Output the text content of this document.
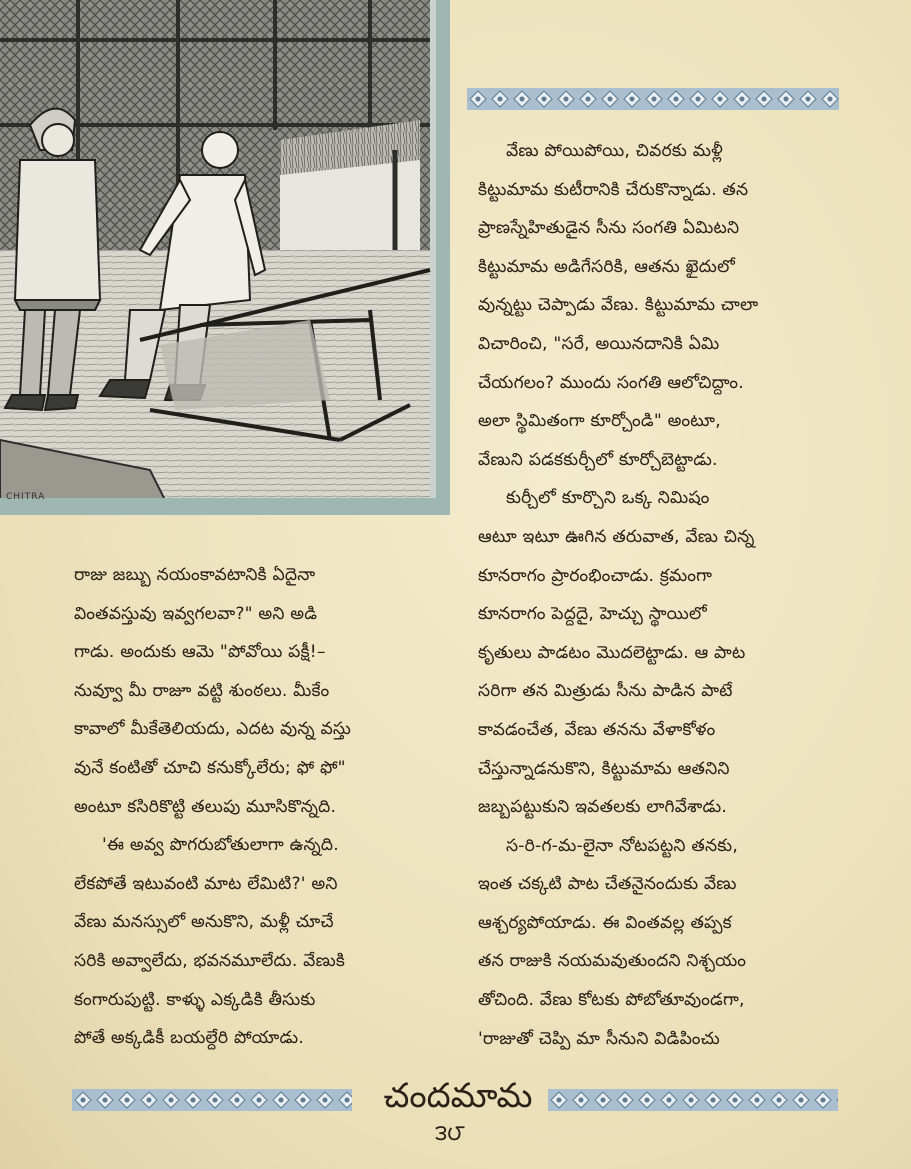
CHITRA

వేణు పోయిపోయి, చివరకు మళ్లీ

కిట్టుమామ కుటీరానికి చేరుకొన్నాడు. తన

ప్రాణస్నేహితుడైన సీను సంగతి ఏమిటని

కిట్టుమామ అడిగేసరికి, ఆతను ఖైదులో

వున్నట్టు చెప్పాడు వేణు. కిట్టుమామ చాలా

విచారించి, "సరే, అయినదానికి ఏమి

చేయగలం? ముందు సంగతి ఆలోచిద్దాం.

అలా స్థిమితంగా కూర్చోండి" అంటూ,

వేణుని పడకకుర్చీలో కూర్చోబెట్టాడు.

కుర్చీలో కూర్చొని ఒక్క నిమిషం

ఆటూ ఇటూ ఊగిన తరువాత, వేణు చిన్న

కూనరాగం ప్రారంభించాడు. క్రమంగా

కూనరాగం పెద్దదై, హెచ్చు స్థాయిలో

కృతులు పాడటం మొదలెట్టాడు. ఆ పాట

సరిగా తన మిత్రుడు సీను పాడిన పాటే

కావడంచేత, వేణు తనను వేళాకోళం

చేస్తున్నాడనుకొని, కిట్టుమామ ఆతనిని

జబ్బపట్టుకుని ఇవతలకు లాగివేశాడు.

స-రి-గ-మ-లైనా నోటపట్టని తనకు,

ఇంత చక్కటి పాట చేతనైనందుకు వేణు

ఆశ్చర్యపోయాడు. ఈ వింతవల్ల తప్పక

తన రాజుకి నయమవుతుందని నిశ్చయం

తోచింది. వేణు కోటకు పోబోతూవుండగా,

'రాజుతో చెప్పి మా సీనుని విడిపించు

రాజు జబ్బు నయంకావటానికి ఏదైనా

వింతవస్తువు ఇవ్వగలవా?" అని అడి

గాడు. అందుకు ఆమె "పోవోయి పక్షీ!–

నువ్వూ మీ రాజూ వట్టి శుంఠలు. మీకేం

కావాలో మీకేతెలియదు, ఎదట వున్న వస్తు

వునే కంటితో చూచి కనుక్కోలేరు; ఫో ఫో"

అంటూ కసిరికొట్టి తలుపు మూసికొన్నది.

'ఈ అవ్వ పొగరుబోతులాగా ఉన్నది.

లేకపోతే ఇటువంటి మాట లేమిటి?' అని

వేణు మనస్సులో అనుకొని, మళ్లీ చూచే

సరికి అవ్వాలేదు, భవనమూలేదు. వేణుకి

కంగారుపుట్టి. కాళ్ళు ఎక్కడికి తీసుకు

పోతే అక్కడికీ బయల్దేరి పోయాడు.

చందమామ
౩౮
